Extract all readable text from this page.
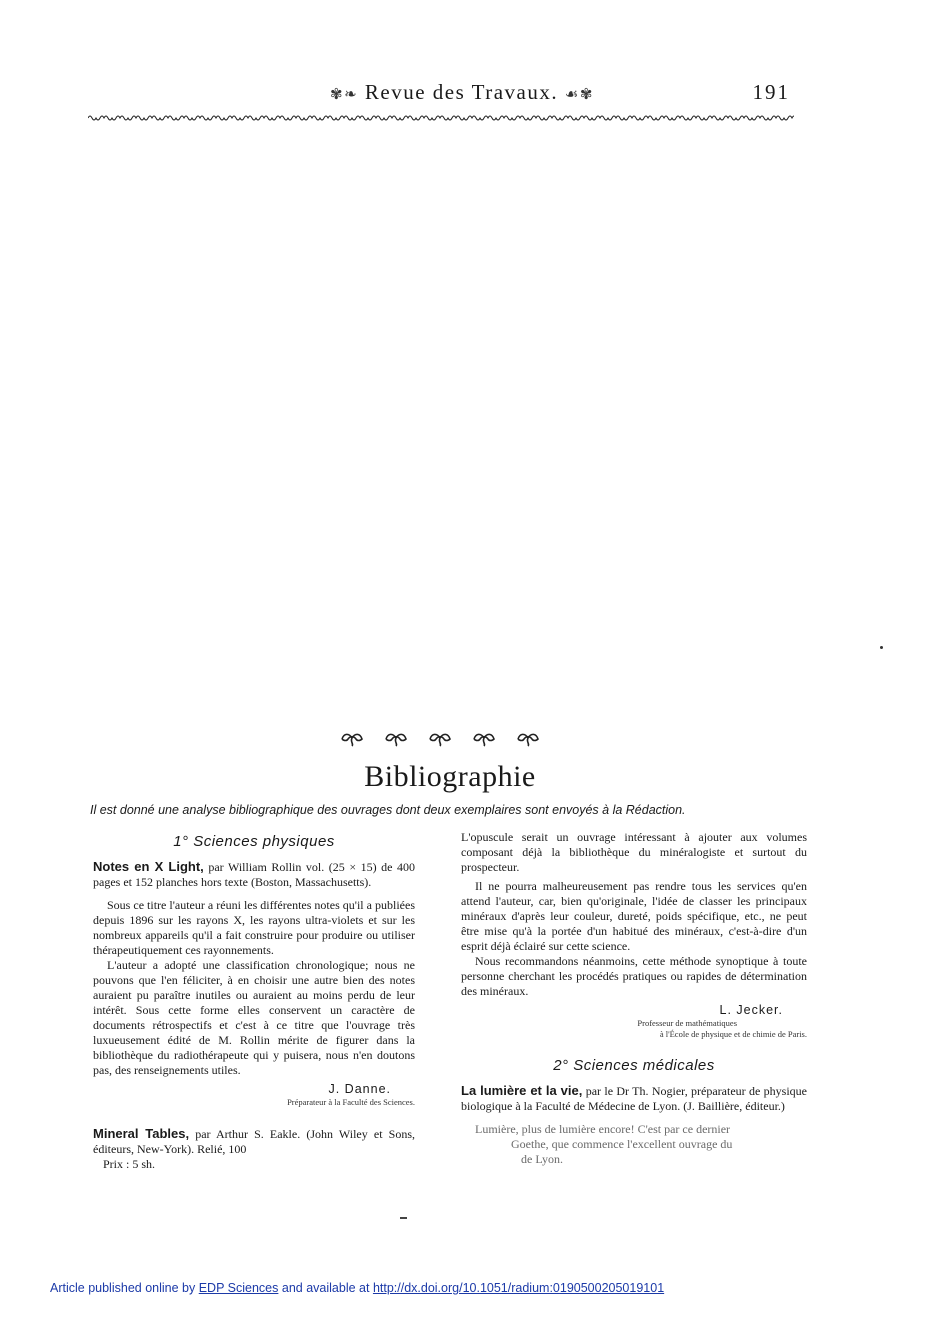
✾❧ Revue des Travaux. ☙✾	191
Bibliographie
Il est donné une analyse bibliographique des ouvrages dont deux exemplaires sont envoyés à la Rédaction.
1° Sciences physiques

Notes en X Light, par William Rollin vol. (25 × 15) de 400 pages et 152 planches hors texte (Boston, Massachusetts).

Sous ce titre l'auteur a réuni les différentes notes qu'il a publiées depuis 1896 sur les rayons X, les rayons ultra-violets et sur les nombreux appareils qu'il a fait construire pour produire ou utiliser thérapeutiquement ces rayonnements.

L'auteur a adopté une classification chronologique; nous ne pouvons que l'en féliciter, à en choisir une autre bien des notes auraient pu paraître inutiles ou auraient au moins perdu de leur intérêt. Sous cette forme elles conservent un caractère de documents rétrospectifs et c'est à ce titre que l'ouvrage très luxueusement édité de M. Rollin mérite de figurer dans la bibliothèque du radiothérapeute qui y puisera, nous n'en doutons pas, des renseignements utiles.

J. Danne.

Préparateur à la Faculté des Sciences.

Mineral Tables, par Arthur S. Eakle. (John Wiley et Sons, éditeurs, New-York). Relié, 100

Prix : 5 sh.

L'opuscule serait un ouvrage intéressant à ajouter aux volumes composant déjà la bibliothèque du minéralogiste et surtout du prospecteur.

Il ne pourra malheureusement pas rendre tous les services qu'en attend l'auteur, car, bien qu'originale, l'idée de classer les principaux minéraux d'après leur couleur, dureté, poids spécifique, etc., ne peut être mise qu'à la portée d'un habitué des minéraux, c'est-à-dire d'un esprit déjà éclairé sur cette science.

Nous recommandons néanmoins, cette méthode synoptique à toute personne cherchant les procédés pratiques ou rapides de détermination des minéraux.

L. Jecker.

Professeur de mathématiques

à l'École de physique et de chimie de Paris.

2° Sciences médicales

La lumière et la vie, par le Dr Th. Nogier, préparateur de physique biologique à la Faculté de Médecine de Lyon. (J. Baillière, éditeur.)

Lumière, plus de lumière encore! C'est par ce dernier

Goethe, que commence l'excellent ouvrage du

de Lyon.

Article published online by EDP Sciences and available at http://dx.doi.org/10.1051/radium:0190500205019101
